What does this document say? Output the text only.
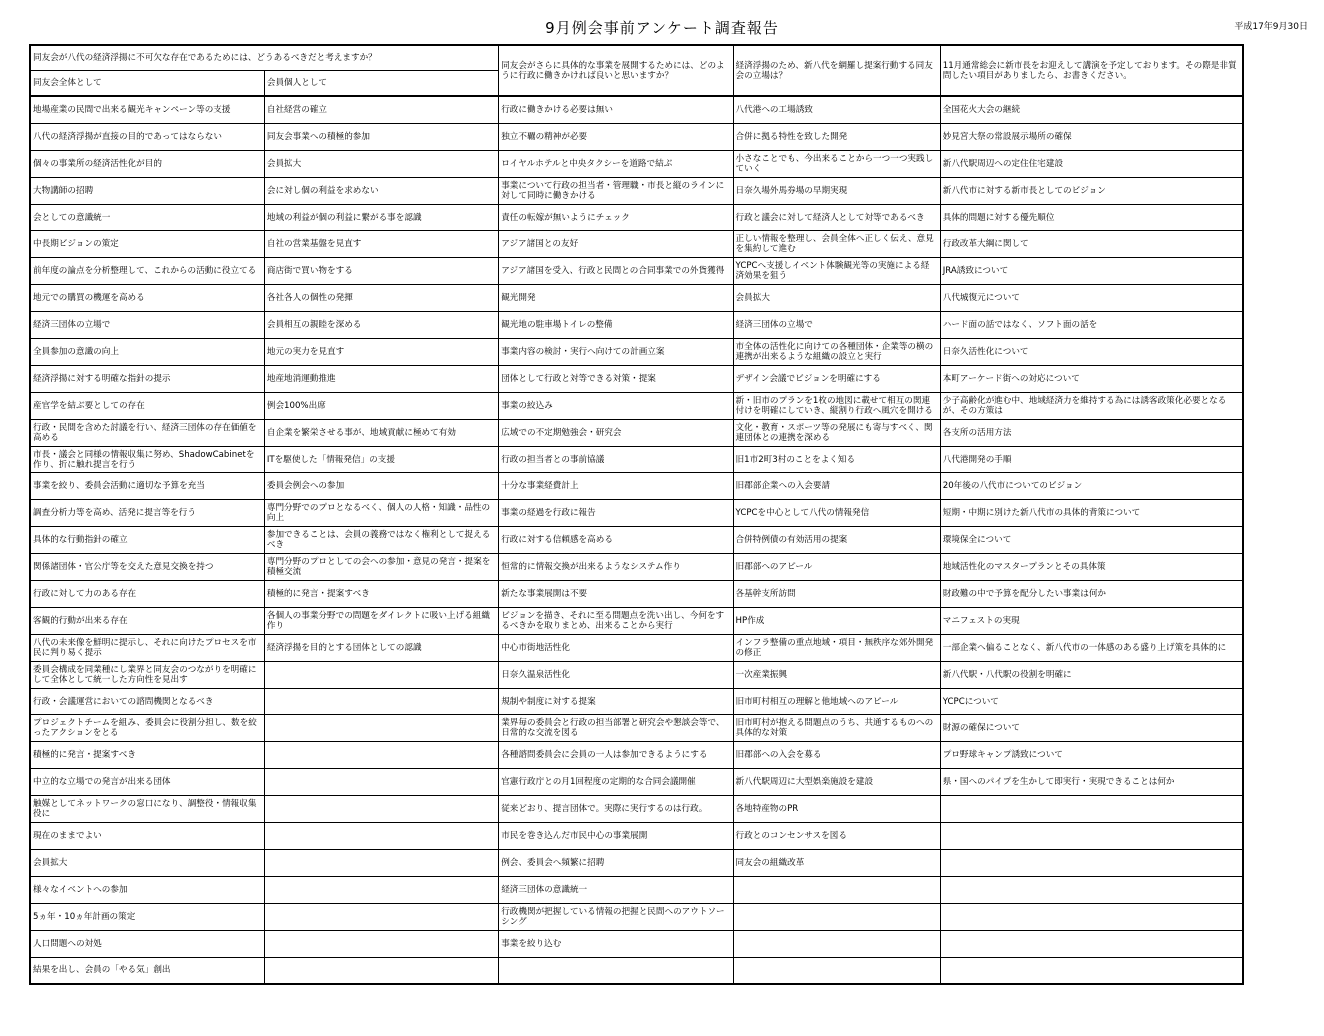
9月例会事前アンケート調査報告	平成17年9月30日
同友会が八代の経済浮揚に不可欠な存在であるためには、どうあるべきだと考えますか？		同友会がさらに具体的な事業を展開するためには、どのように行政に働きかければ良いと思いますか？	経済浮揚のため、新八代を網羅し提案行動する同友会の立場は？	11月通常総会に新市長をお迎えして講演を予定しております。その際是非質問したい項目がありましたら、お書きください。
同友会全体として	会員個人として			
地場産業の民間で出来る観光キャンペーン等の支援	自社経営の確立	行政に働きかける必要は無い	八代港への工場誘致	全国花火大会の継続
八代の経済浮揚が直接の目的であってはならない	同友会事業への積極的参加	独立不覊の精神が必要	合併に拠る特性を致した開発	妙見宮大祭の常設展示場所の確保
個々の事業所の経済活性化が目的	会員拡大	ロイヤルホテルと中央タクシーを道路で結ぶ	小さなことでも、今出来ることから一つ一つ実践していく	新八代駅周辺への定住住宅建設
大物講師の招聘	会に対し個の利益を求めない	事業について行政の担当者・管理職・市長と縦のラインに対して同時に働きかける	日奈久場外馬券場の早期実現	新八代市に対する新市長としてのビジョン
会としての意識統一	地域の利益が個の利益に繋がる事を認識	責任の転嫁が無いようにチェック	行政と議会に対して経済人として対等であるべき	具体的問題に対する優先順位
中長期ビジョンの策定	自社の営業基盤を見直す	アジア諸国との友好	正しい情報を整理し、会員全体へ正しく伝え、意見を集約して進む	行政改革大綱に関して
前年度の論点を分析整理して、これからの活動に役立てる	商店街で買い物をする	アジア諸国を受入、行政と民間との合同事業での外貨獲得	YCPCへ支援しイベント体験観光等の実施による経済効果を狙う	JRA誘致について
地元での購買の機運を高める	各社各人の個性の発揮	観光開発	会員拡大	八代城復元について
経済三団体の立場で	会員相互の親睦を深める	観光地の駐車場トイレの整備	経済三団体の立場で	ハード面の話ではなく、ソフト面の話を
全員参加の意識の向上	地元の実力を見直す	事業内容の検討・実行へ向けての計画立案	市全体の活性化に向けての各種団体・企業等の横の連携が出来るような組織の設立と実行	日奈久活性化について
経済浮揚に対する明確な指針の提示	地産地消運動推進	団体として行政と対等できる対策・提案	デザイン会議でビジョンを明確にする	本町アーケード街への対応について
産官学を結ぶ要としての存在	例会100%出席	事業の絞込み	新・旧市のプランを1枚の地図に載せて相互の関連付けを明確にしていき、縦割り行政へ風穴を開ける	少子高齢化が進む中、地域経済力を維持する為には誘客政策化必要となるが、その方策は
行政・民間を含めた討議を行い、経済三団体の存在価値を高める	自企業を繁栄させる事が、地域貢献に極めて有効	広域での不定期勉強会・研究会	文化・教育・スポーツ等の発展にも寄与すべく、関連団体との連携を深める	各支所の活用方法
市長・議会と同様の情報収集に努め、ShadowCabinetを作り、折に触れ提言を行う	ITを駆使した「情報発信」の支援	行政の担当者との事前協議	旧1市2町3村のことをよく知る	八代港開発の手順
事業を絞り、委員会活動に適切な予算を充当	委員会例会への参加	十分な事業経費計上	旧郡部企業への入会要請	20年後の八代市についてのビジョン
調査分析力等を高め、活発に提言等を行う	専門分野でのプロとなるべく、個人の人格・知識・品性の向上	事業の経過を行政に報告	YCPCを中心として八代の情報発信	短期・中期に別けた新八代市の具体的背策について
具体的な行動指針の確立	参加できることは、会員の義務ではなく権利として捉えるべき	行政に対する信頼感を高める	合併特例債の有効活用の提案	環境保全について
関係諸団体・官公庁等を交えた意見交換を持つ	専門分野のプロとしての会への参加・意見の発言・提案を積極交流	恒常的に情報交換が出来るようなシステム作り	旧郡部へのアピール	地域活性化のマスタープランとその具体策
行政に対して力のある存在	積極的に発言・提案すべき	新たな事業展開は不要	各基幹支所訪問	財政難の中で予算を配分したい事業は何か
客観的行動が出来る存在	各個人の事業分野での問題をダイレクトに吸い上げる組織作り	ビジョンを描き、それに至る問題点を洗い出し、今何をするべきかを取りまとめ、出来ることから実行	HP作成	マニフェストの実現
八代の未来像を鮮明に提示し、それに向けたプロセスを市民に判り易く提示	経済浮揚を目的とする団体としての認識	中心市街地活性化	インフラ整備の重点地域・項目・無秩序な郊外開発の修正	一部企業へ偏ることなく、新八代市の一体感のある盛り上げ策を具体的に
委員会構成を同業種にし業界と同友会のつながりを明確にして全体として統一した方向性を見出す		日奈久温泉活性化	一次産業振興	新八代駅・八代駅の役割を明確に
行政・会議運営においての諮問機関となるべき		規制や制度に対する提案	旧市町村相互の理解と他地域へのアピール	YCPCについて
プロジェクトチームを組み、委員会に役割分担し、数を絞ったアクションをとる		業界毎の委員会と行政の担当部署と研究会や懇談会等で、日常的な交流を図る	旧市町村が抱える問題点のうち、共通するものへの具体的な対策	財源の確保について
積極的に発言・提案すべき		各種諮問委員会に会員の一人は参加できるようにする	旧郡部への入会を募る	プロ野球キャンプ誘致について
中立的な立場での発言が出来る団体		官憲行政庁との月1回程度の定期的な合同会議開催	新八代駅周辺に大型娯楽施設を建設	県・国へのパイプを生かして即実行・実現できることは何か
触媒としてネットワークの窓口になり、調整役・情報収集役に		従来どおり、提言団体で。実際に実行するのは行政。	各地特産物のPR	
現在のままでよい		市民を巻き込んだ市民中心の事業展開	行政とのコンセンサスを図る	
会員拡大		例会、委員会へ頻繁に招聘	同友会の組織改革	
様々なイベントへの参加		経済三団体の意識統一		
5ヵ年・10ヵ年計画の策定		行政機関が把握している情報の把握と民間へのアウトソーシング		
人口問題への対処		事業を絞り込む		
結果を出し、会員の「やる気」創出				
